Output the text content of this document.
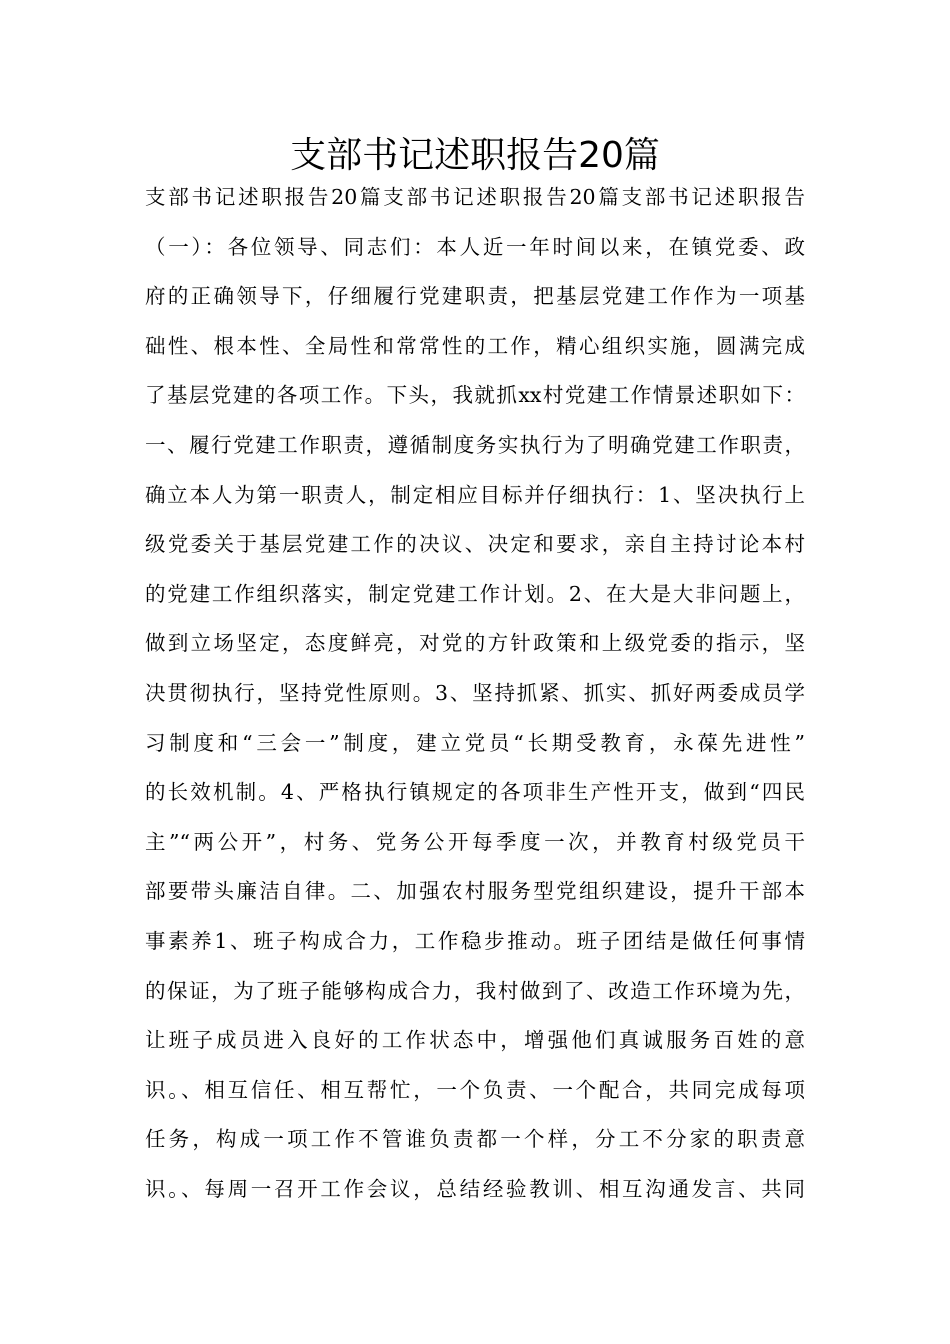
支部书记述职报告20篇
支部书记述职报告20篇支部书记述职报告20篇支部书记述职报告
（一）：各位领导、同志们：本人近一年时间以来，在镇党委、政
府的正确领导下，仔细履行党建职责，把基层党建工作作为一项基
础性、根本性、全局性和常常性的工作，精心组织实施，圆满完成
了基层党建的各项工作。下头，我就抓xx村党建工作情景述职如下：
一、履行党建工作职责，遵循制度务实执行为了明确党建工作职责，
确立本人为第一职责人，制定相应目标并仔细执行：1、坚决执行上
级党委关于基层党建工作的决议、决定和要求，亲自主持讨论本村
的党建工作组织落实，制定党建工作计划。2、在大是大非问题上，
做到立场坚定，态度鲜亮，对党的方针政策和上级党委的指示，坚
决贯彻执行，坚持党性原则。3、坚持抓紧、抓实、抓好两委成员学
习制度和“三会一”制度，建立党员“长期受教育，永葆先进性”
的长效机制。4、严格执行镇规定的各项非生产性开支，做到“四民
主”“两公开”，村务、党务公开每季度一次，并教育村级党员干
部要带头廉洁自律。二、加强农村服务型党组织建设，提升干部本
事素养1、班子构成合力，工作稳步推动。班子团结是做任何事情
的保证，为了班子能够构成合力，我村做到了、改造工作环境为先，
让班子成员进入良好的工作状态中，增强他们真诚服务百姓的意
识。、相互信任、相互帮忙，一个负责、一个配合，共同完成每项
任务，构成一项工作不管谁负责都一个样，分工不分家的职责意
识。、每周一召开工作会议，总结经验教训、相互沟通发言、共同
